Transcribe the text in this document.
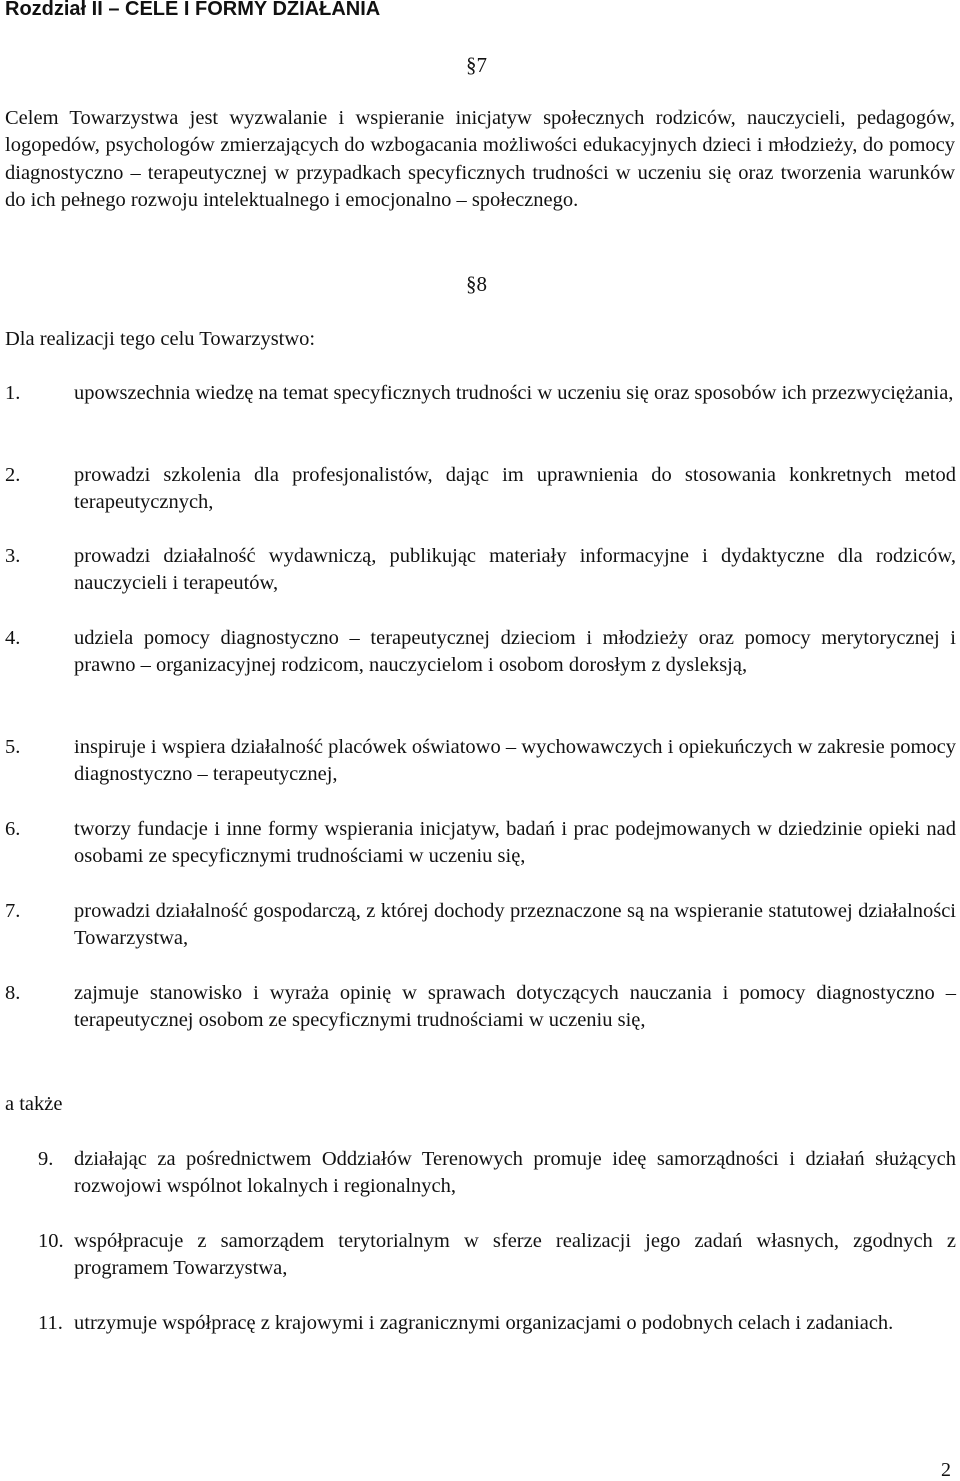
Rozdział II – CELE I FORMY DZIAŁANIA
§7
Celem Towarzystwa jest wyzwalanie i wspieranie inicjatyw społecznych rodziców, nauczycieli, pedagogów, logopedów, psychologów zmierzających do wzbogacania możliwości edukacyjnych dzieci i młodzieży, do pomocy diagnostyczno – terapeutycznej w przypadkach specyficznych trudności w uczeniu się oraz tworzenia warunków do ich pełnego rozwoju intelektualnego i emocjonalno – społecznego.
§8
Dla realizacji tego celu Towarzystwo:
1.	upowszechnia wiedzę na temat specyficznych trudności w uczeniu się oraz sposobów ich przezwyciężania,
2.	prowadzi szkolenia dla profesjonalistów, dając im uprawnienia do stosowania konkretnych metod terapeutycznych,
3.	prowadzi działalność wydawniczą, publikując materiały informacyjne i dydaktyczne dla rodziców, nauczycieli i terapeutów,
4.	udziela pomocy diagnostyczno – terapeutycznej dzieciom i młodzieży oraz pomocy merytorycznej i prawno – organizacyjnej rodzicom, nauczycielom i osobom dorosłym z dysleksją,
5.	inspiruje i wspiera działalność placówek oświatowo – wychowawczych i opiekuńczych w zakresie pomocy diagnostyczno – terapeutycznej,
6.	tworzy fundacje i inne formy wspierania inicjatyw, badań i prac podejmowanych w dziedzinie opieki nad osobami ze specyficznymi trudnościami w uczeniu się,
7.	prowadzi działalność gospodarczą, z której dochody przeznaczone są na wspieranie statutowej działalności Towarzystwa,
8.	zajmuje stanowisko i wyraża opinię w sprawach dotyczących nauczania i pomocy diagnostyczno – terapeutycznej osobom ze specyficznymi trudnościami w uczeniu się,
a także
9.	działając za pośrednictwem Oddziałów Terenowych promuje ideę samorządności i działań służących rozwojowi wspólnot lokalnych i regionalnych,
10. współpracuje z samorządem terytorialnym w sferze realizacji jego zadań własnych, zgodnych z programem Towarzystwa,
11. utrzymuje współpracę z krajowymi i zagranicznymi organizacjami o podobnych celach i zadaniach.
2
